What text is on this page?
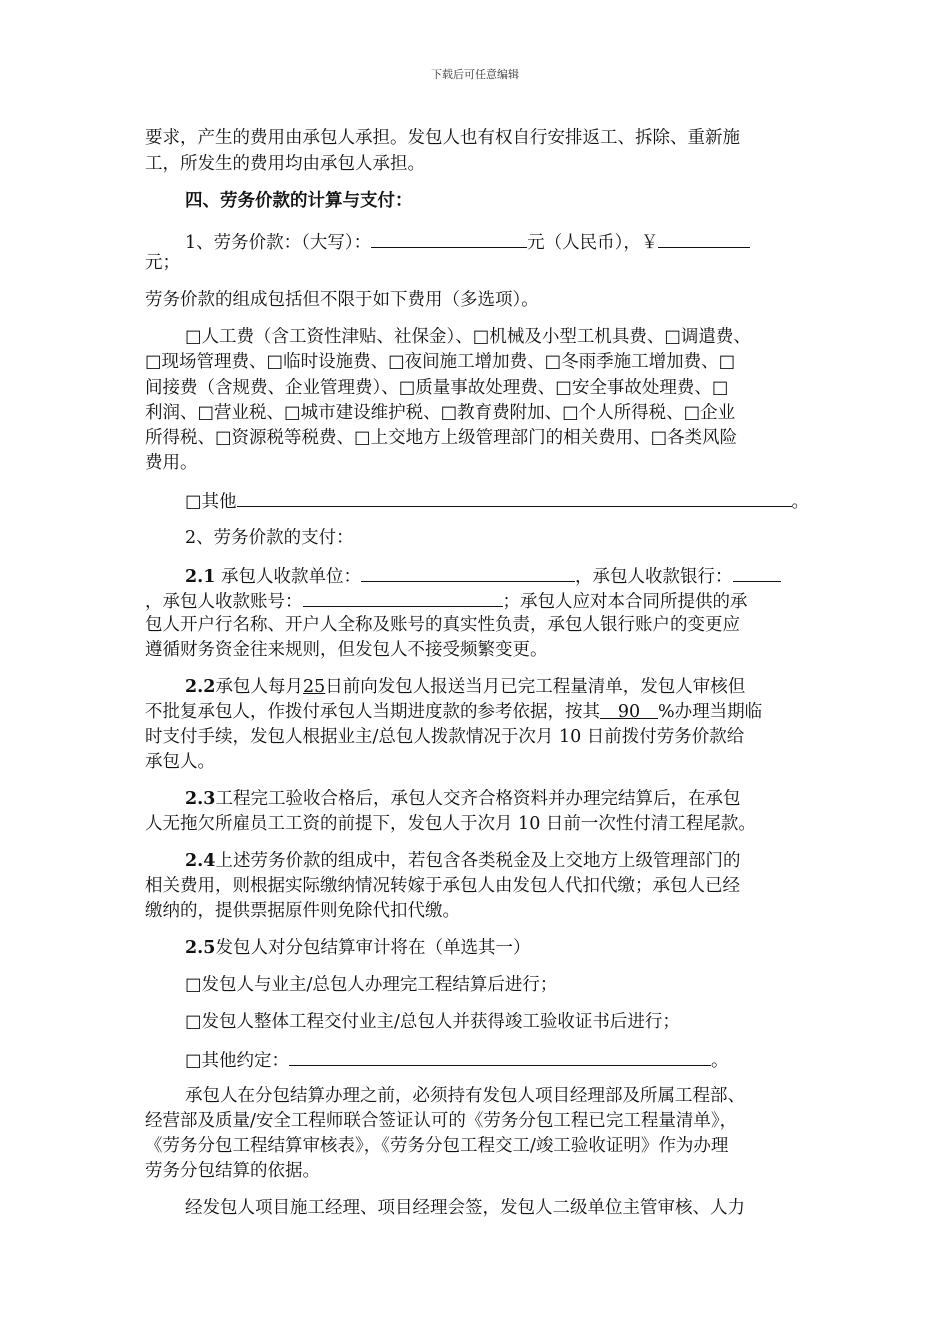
下载后可任意编辑
要求，产生的费用由承包人承担。发包人也有权自行安排返工、拆除、重新施
工，所发生的费用均由承包人承担。
四、劳务价款的计算与支付：
1、劳务价款：（大写）：	元（人民币），￥
元；
劳务价款的组成包括但不限于如下费用（多选项）。
□人工费（含工资性津贴、社保金）、□机械及小型工机具费、□调遣费、
□现场管理费、□临时设施费、□夜间施工增加费、□冬雨季施工增加费、□
间接费（含规费、企业管理费）、□质量事故处理费、□安全事故处理费、□
利润、□营业税、□城市建设维护税、□教育费附加、□个人所得税、□企业
所得税、□资源税等税费、□上交地方上级管理部门的相关费用、□各类风险
费用。
□其他	。
2、劳务价款的支付：
2.1 承包人收款单位：	，承包人收款银行：
，承包人收款账号：	；承包人应对本合同所提供的承
包人开户行名称、开户人全称及账号的真实性负责，承包人银行账户的变更应
遵循财务资金往来规则，但发包人不接受频繁变更。
2.2承包人每月25日前向发包人报送当月已完工程量清单，发包人审核但
不批复承包人，作拨付承包人当期进度款的参考依据，按其 90 %办理当期临
时支付手续，发包人根据业主/总包人拨款情况于次月 10 日前拨付劳务价款给
承包人。
2.3工程完工验收合格后，承包人交齐合格资料并办理完结算后，在承包
人无拖欠所雇员工工资的前提下，发包人于次月 10 日前一次性付清工程尾款。
2.4上述劳务价款的组成中，若包含各类税金及上交地方上级管理部门的
相关费用，则根据实际缴纳情况转嫁于承包人由发包人代扣代缴；承包人已经
缴纳的，提供票据原件则免除代扣代缴。
2.5发包人对分包结算审计将在（单选其一）
□发包人与业主/总包人办理完工程结算后进行；
□发包人整体工程交付业主/总包人并获得竣工验收证书后进行；
□其他约定：	。
承包人在分包结算办理之前，必须持有发包人项目经理部及所属工程部、
经营部及质量/安全工程师联合签证认可的《劳务分包工程已完工程量清单》，
《劳务分包工程结算审核表》，《劳务分包工程交工/竣工验收证明》作为办理
劳务分包结算的依据。
经发包人项目施工经理、项目经理会签，发包人二级单位主管审核、人力
